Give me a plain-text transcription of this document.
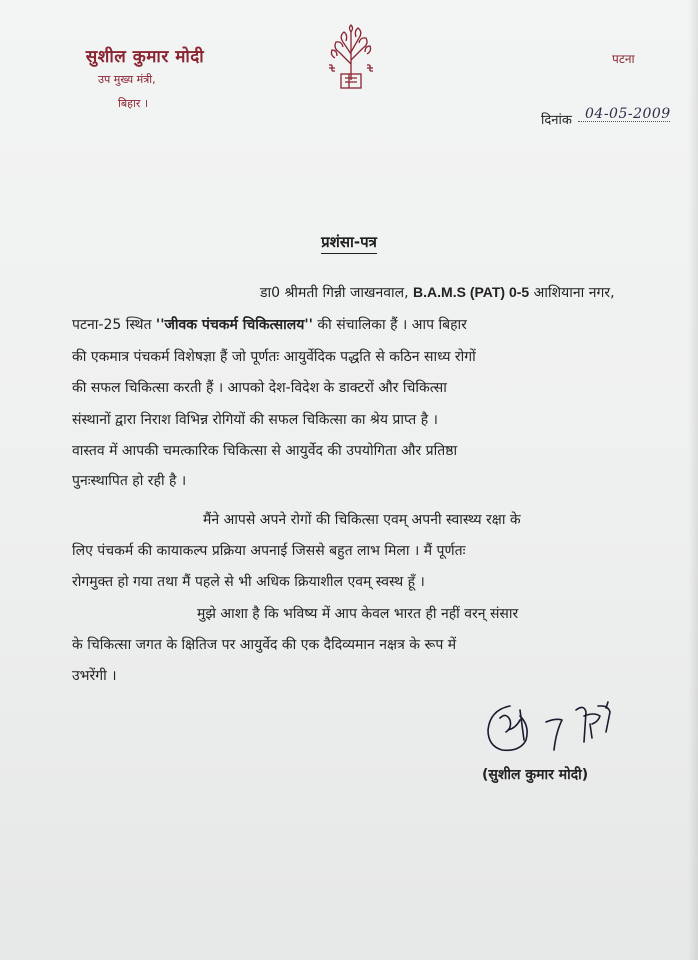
सुशील कुमार मोदी
उप मुख्य मंत्री,
बिहार ।
पटना
दिनांक 04-05-2009
प्रशंसा-पत्र
डा0 श्रीमती गिन्नी जाखनवाल, B.A.M.S (PAT) 0-5 आशियाना नगर,
पटना-25 स्थित ''जीवक पंचकर्म चिकित्सालय'' की संचालिका हैं । आप बिहार
की एकमात्र पंचकर्म विशेषज्ञा हैं जो पूर्णतः आयुर्वेदिक पद्धति से कठिन साध्य रोगों
की सफल चिकित्सा करती हैं । आपको देश-विदेश के डाक्टरों और चिकित्सा
संस्थानों द्वारा निराश विभिन्न रोगियों की सफल चिकित्सा का श्रेय प्राप्त है ।
वास्तव में आपकी चमत्कारिक चिकित्सा से आयुर्वेद की उपयोगिता और प्रतिष्ठा
पुनःस्थापित हो रही है ।
मैंने आपसे अपने रोगों की चिकित्सा एवम् अपनी स्वास्थ्य रक्षा के
लिए पंचकर्म की कायाकल्प प्रक्रिया अपनाई जिससे बहुत लाभ मिला । मैं पूर्णतः
रोगमुक्त हो गया तथा मैं पहले से भी अधिक क्रियाशील एवम् स्वस्थ हूँ ।
मुझे आशा है कि भविष्य में आप केवल भारत ही नहीं वरन् संसार
के चिकित्सा जगत के क्षितिज पर आयुर्वेद की एक दैदिव्यमान नक्षत्र के रूप में
उभरेंगी ।
(सुशील कुमार मोदी)
